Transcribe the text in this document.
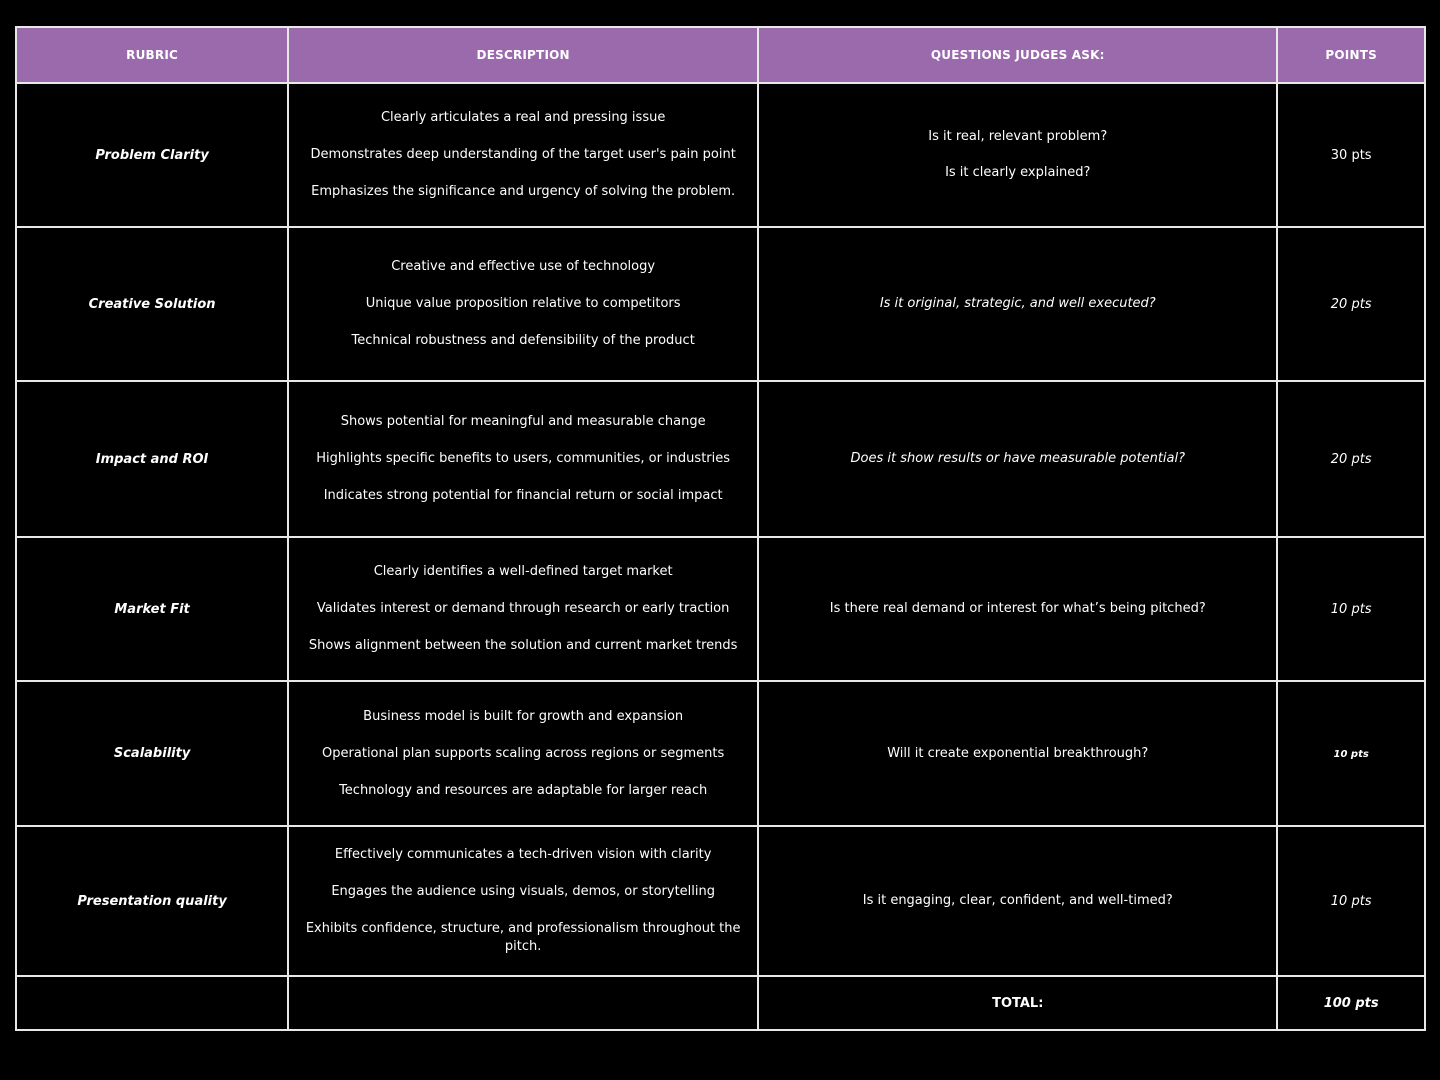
RUBRIC	DESCRIPTION	QUESTIONS JUDGES ASK:	POINTS
Problem Clarity	Clearly articulates a real and pressing issue
Demonstrates deep understanding of the target user's pain point
Emphasizes the significance and urgency of solving the problem.	Is it real, relevant problem?
Is it clearly explained?	30 pts
Creative Solution	Creative and effective use of technology
Unique value proposition relative to competitors
Technical robustness and defensibility of the product	Is it original, strategic, and well executed?	20 pts
Impact and ROI	Shows potential for meaningful and measurable change
Highlights specific benefits to users, communities, or industries
Indicates strong potential for financial return or social impact	Does it show results or have measurable potential?	20 pts
Market Fit	Clearly identifies a well-defined target market
Validates interest or demand through research or early traction
Shows alignment between the solution and current market trends	Is there real demand or interest for what’s being pitched?	10 pts
Scalability	Business model is built for growth and expansion
Operational plan supports scaling across regions or segments
Technology and resources are adaptable for larger reach	Will it create exponential breakthrough?	10 pts
Presentation quality	Effectively communicates a tech-driven vision with clarity
Engages the audience using visuals, demos, or storytelling
Exhibits confidence, structure, and professionalism throughout the pitch.	Is it engaging, clear, confident, and well-timed?	10 pts
		TOTAL:	100 pts
